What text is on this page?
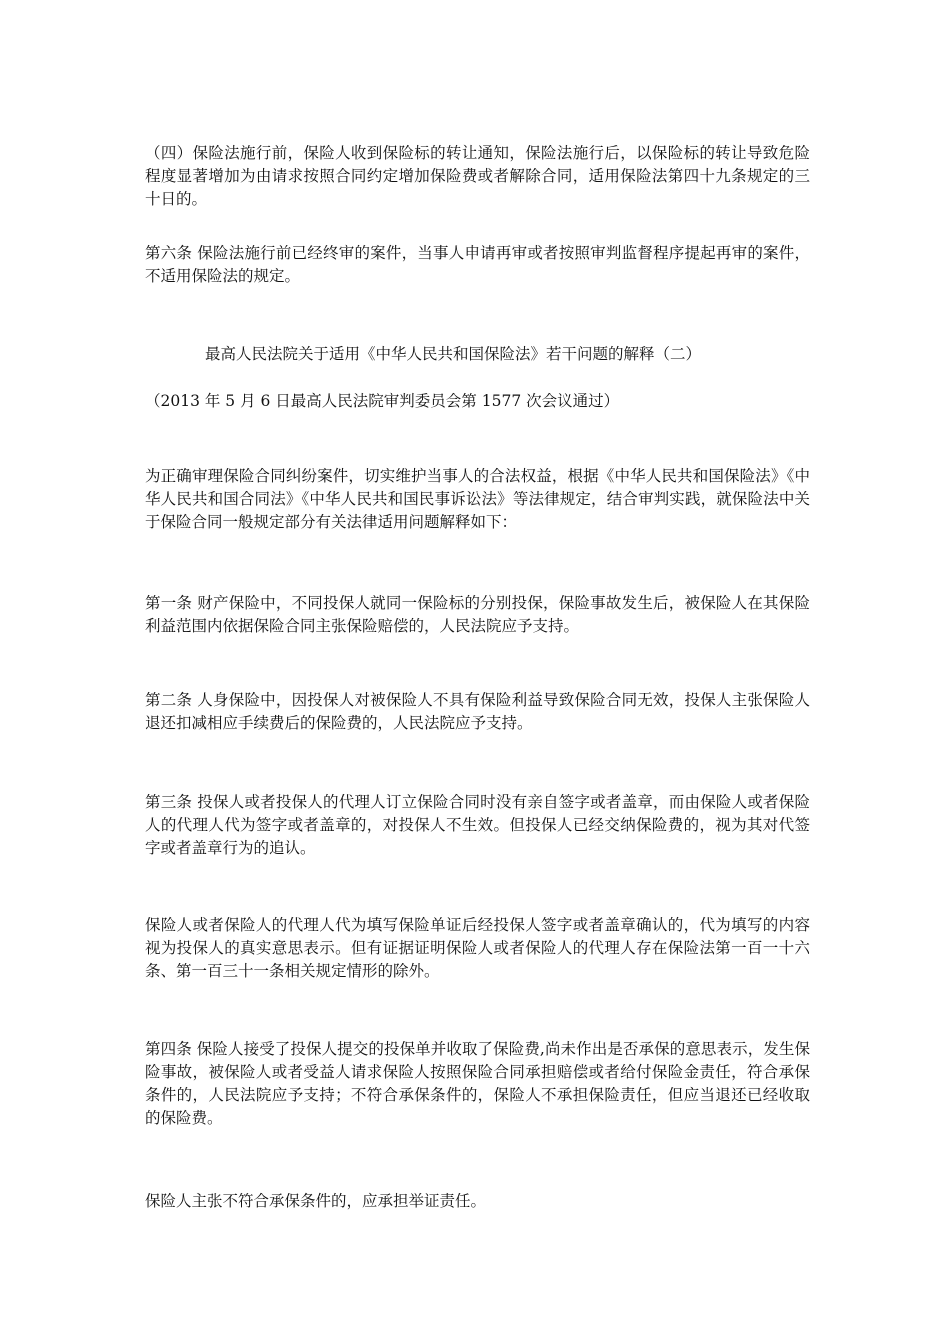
（四）保险法施行前，保险人收到保险标的转让通知，保险法施行后，以保险标的转让导致危险程度显著增加为由请求按照合同约定增加保险费或者解除合同，适用保险法第四十九条规定的三十日的。

第六条 保险法施行前已经终审的案件，当事人申请再审或者按照审判监督程序提起再审的案件，不适用保险法的规定。

最高人民法院关于适用《中华人民共和国保险法》若干问题的解释（二）

（2013 年 5 月 6 日最高人民法院审判委员会第 1577 次会议通过）

为正确审理保险合同纠纷案件，切实维护当事人的合法权益，根据《中华人民共和国保险法》《中华人民共和国合同法》《中华人民共和国民事诉讼法》等法律规定，结合审判实践，就保险法中关于保险合同一般规定部分有关法律适用问题解释如下：

第一条 财产保险中，不同投保人就同一保险标的分别投保，保险事故发生后，被保险人在其保险利益范围内依据保险合同主张保险赔偿的，人民法院应予支持。

第二条 人身保险中，因投保人对被保险人不具有保险利益导致保险合同无效，投保人主张保险人退还扣减相应手续费后的保险费的，人民法院应予支持。

第三条 投保人或者投保人的代理人订立保险合同时没有亲自签字或者盖章，而由保险人或者保险人的代理人代为签字或者盖章的，对投保人不生效。但投保人已经交纳保险费的，视为其对代签字或者盖章行为的追认。

保险人或者保险人的代理人代为填写保险单证后经投保人签字或者盖章确认的，代为填写的内容视为投保人的真实意思表示。但有证据证明保险人或者保险人的代理人存在保险法第一百一十六条、第一百三十一条相关规定情形的除外。

第四条 保险人接受了投保人提交的投保单并收取了保险费,尚未作出是否承保的意思表示，发生保险事故，被保险人或者受益人请求保险人按照保险合同承担赔偿或者给付保险金责任，符合承保条件的，人民法院应予支持；不符合承保条件的，保险人不承担保险责任，但应当退还已经收取的保险费。

保险人主张不符合承保条件的，应承担举证责任。
